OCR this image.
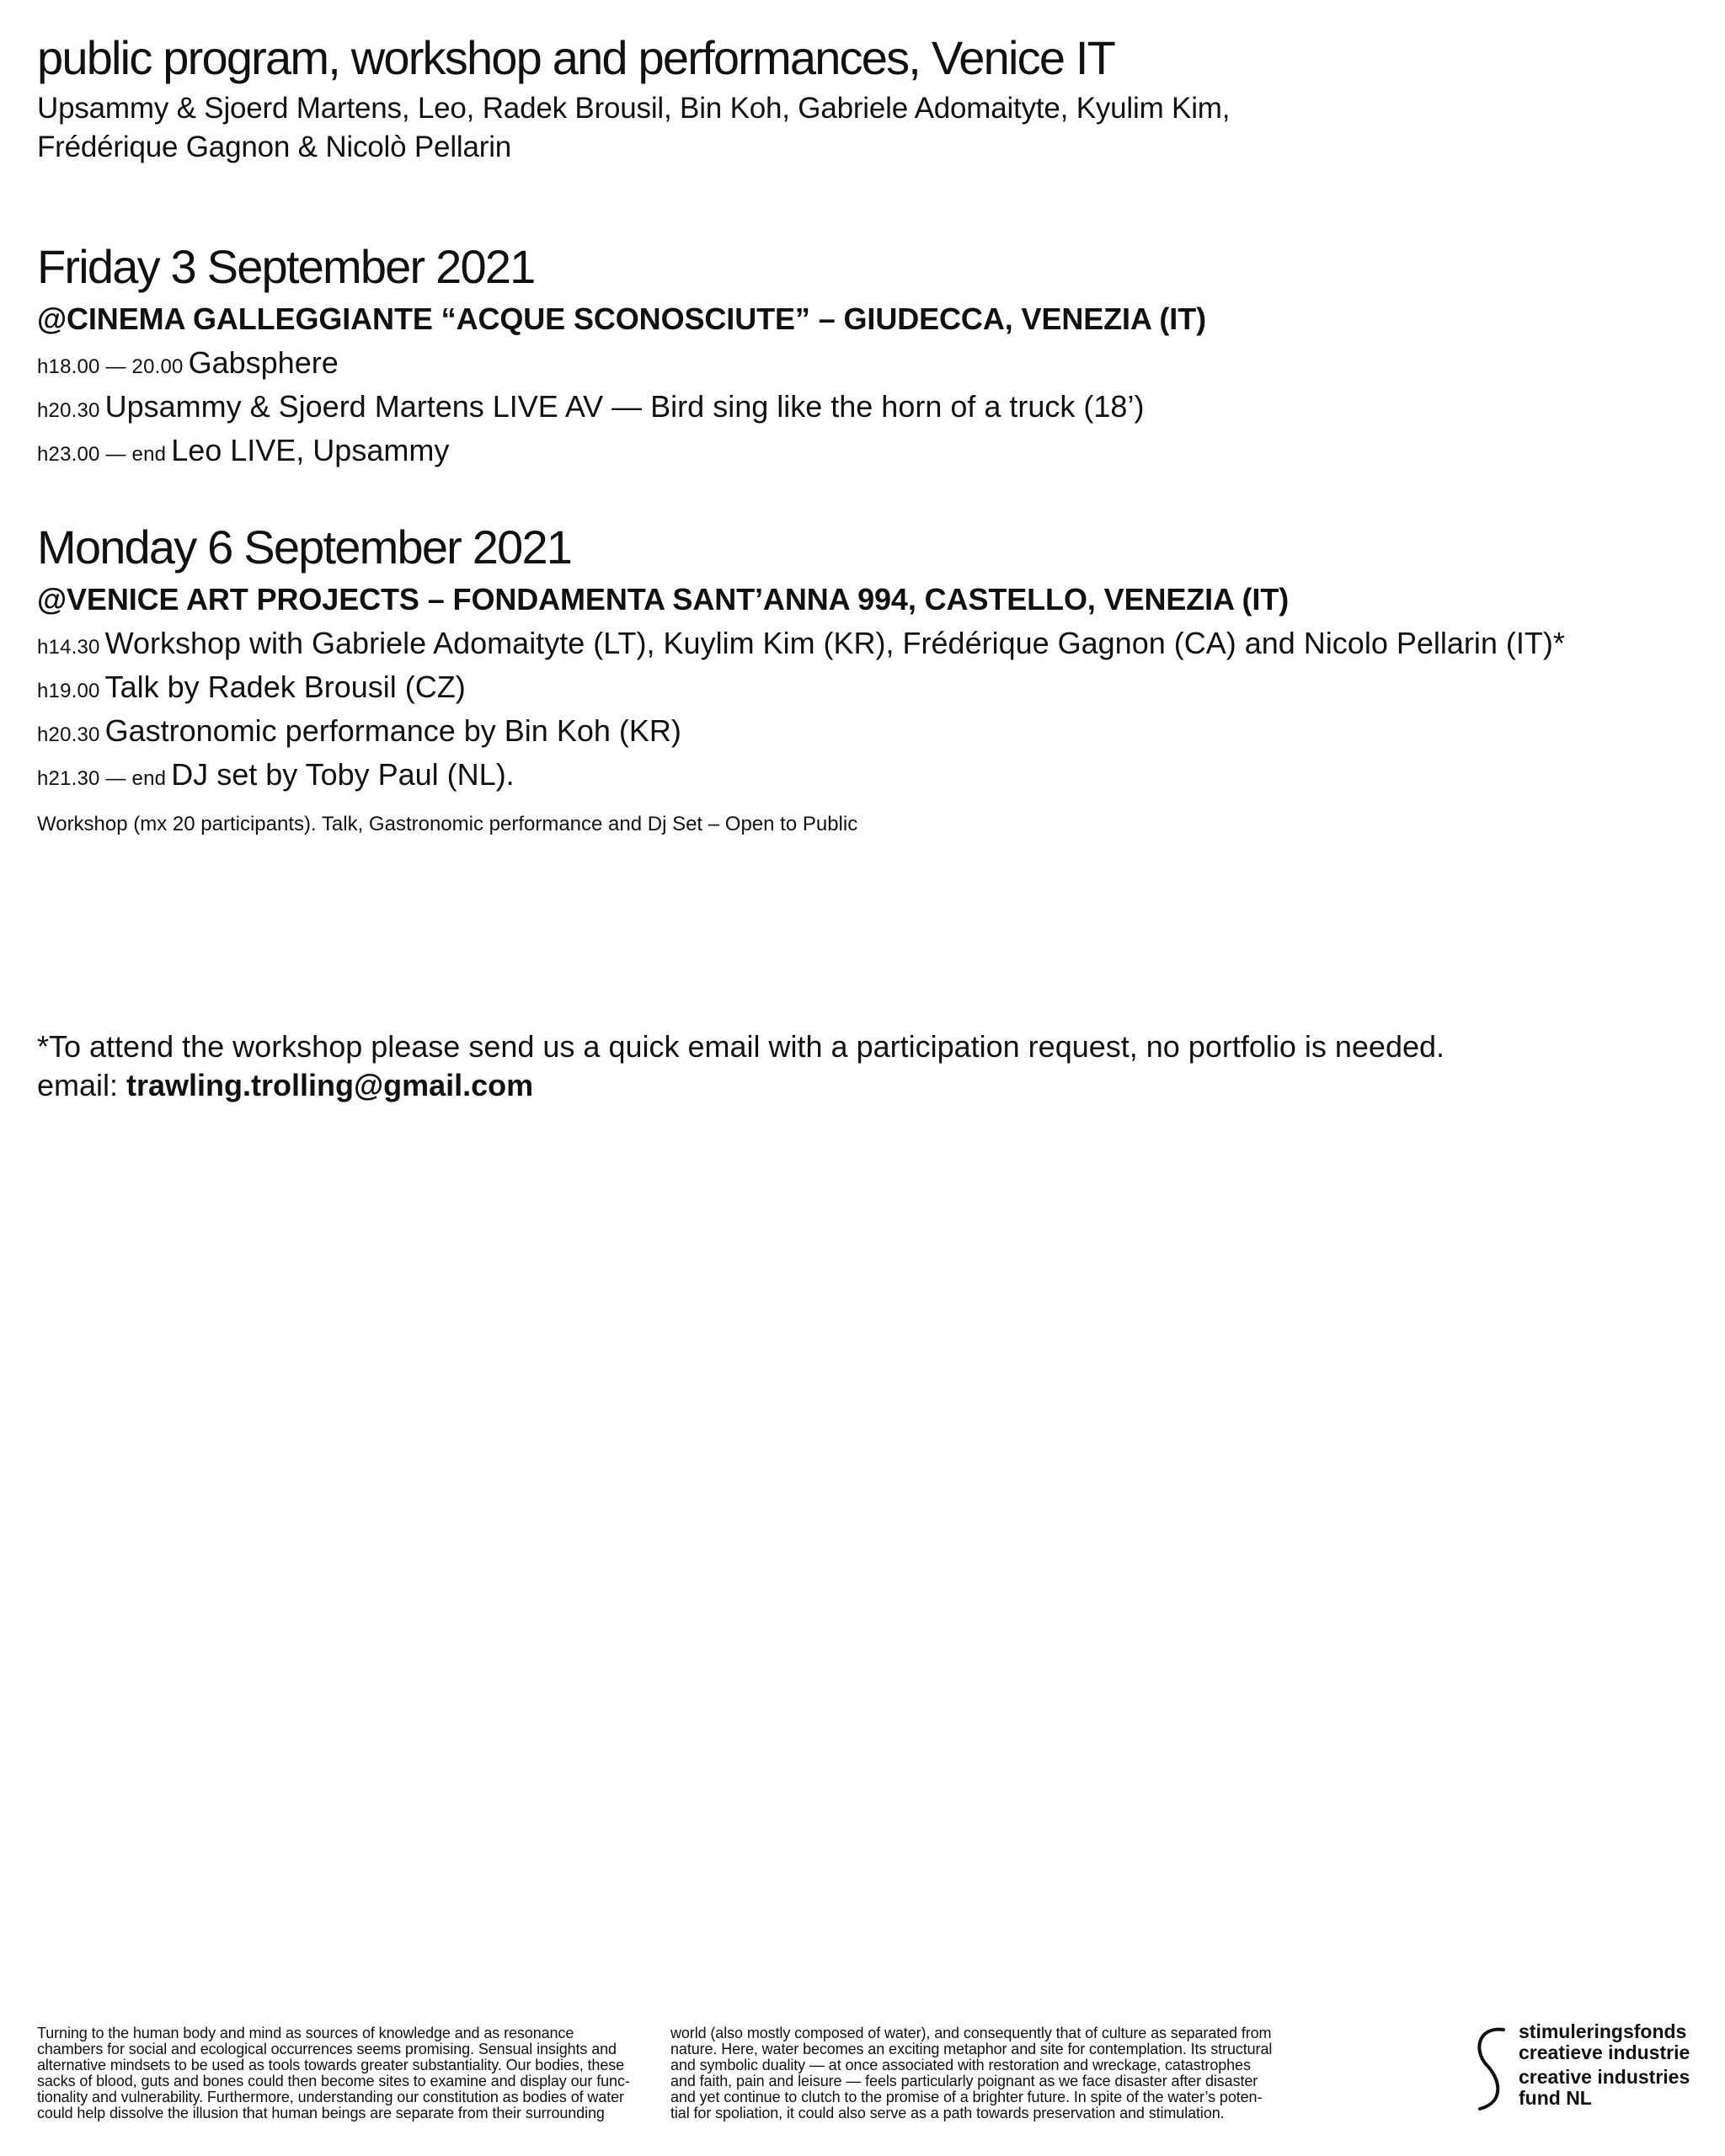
public program, workshop and performances, Venice IT
Upsammy & Sjoerd Martens, Leo, Radek Brousil, Bin Koh, Gabriele Adomaityte, Kyulim Kim,
Frédérique Gagnon & Nicolò Pellarin
Friday 3 September 2021
@CINEMA GALLEGGIANTE “ACQUE SCONOSCIUTE” – GIUDECCA, VENEZIA (IT)
h18.00 — 20.00 Gabsphere
h20.30 Upsammy & Sjoerd Martens LIVE AV — Bird sing like the horn of a truck (18’)
h23.00 — end Leo LIVE, Upsammy
Monday 6 September 2021
@VENICE ART PROJECTS – FONDAMENTA SANT’ANNA 994, CASTELLO, VENEZIA (IT)
h14.30 Workshop with Gabriele Adomaityte (LT), Kuylim Kim (KR), Frédérique Gagnon (CA) and Nicolo Pellarin (IT)*
h19.00 Talk by Radek Brousil (CZ)
h20.30 Gastronomic performance by Bin Koh (KR)
h21.30 — end DJ set by Toby Paul (NL).
Workshop (mx 20 participants). Talk, Gastronomic performance and Dj Set – Open to Public
*To attend the workshop please send us a quick email with a participation request, no portfolio is needed.
email: trawling.trolling@gmail.com

Turning to the human body and mind as sources of knowledge and as resonance

chambers for social and ecological occurrences seems promising. Sensual insights and

alternative mindsets to be used as tools towards greater substantiality. Our bodies, these

sacks of blood, guts and bones could then become sites to examine and display our func-

tionality and vulnerability. Furthermore, understanding our constitution as bodies of water

could help dissolve the illusion that human beings are separate from their surrounding

world (also mostly composed of water), and consequently that of culture as separated from

nature. Here, water becomes an exciting metaphor and site for contemplation. Its structural

and symbolic duality — at once associated with restoration and wreckage, catastrophes

and faith, pain and leisure — feels particularly poignant as we face disaster after disaster

and yet continue to clutch to the promise of a brighter future. In spite of the water’s poten-

tial for spoliation, it could also serve as a path towards preservation and stimulation.

stimuleringsfonds
creatieve industrie
creative industries
fund NL
